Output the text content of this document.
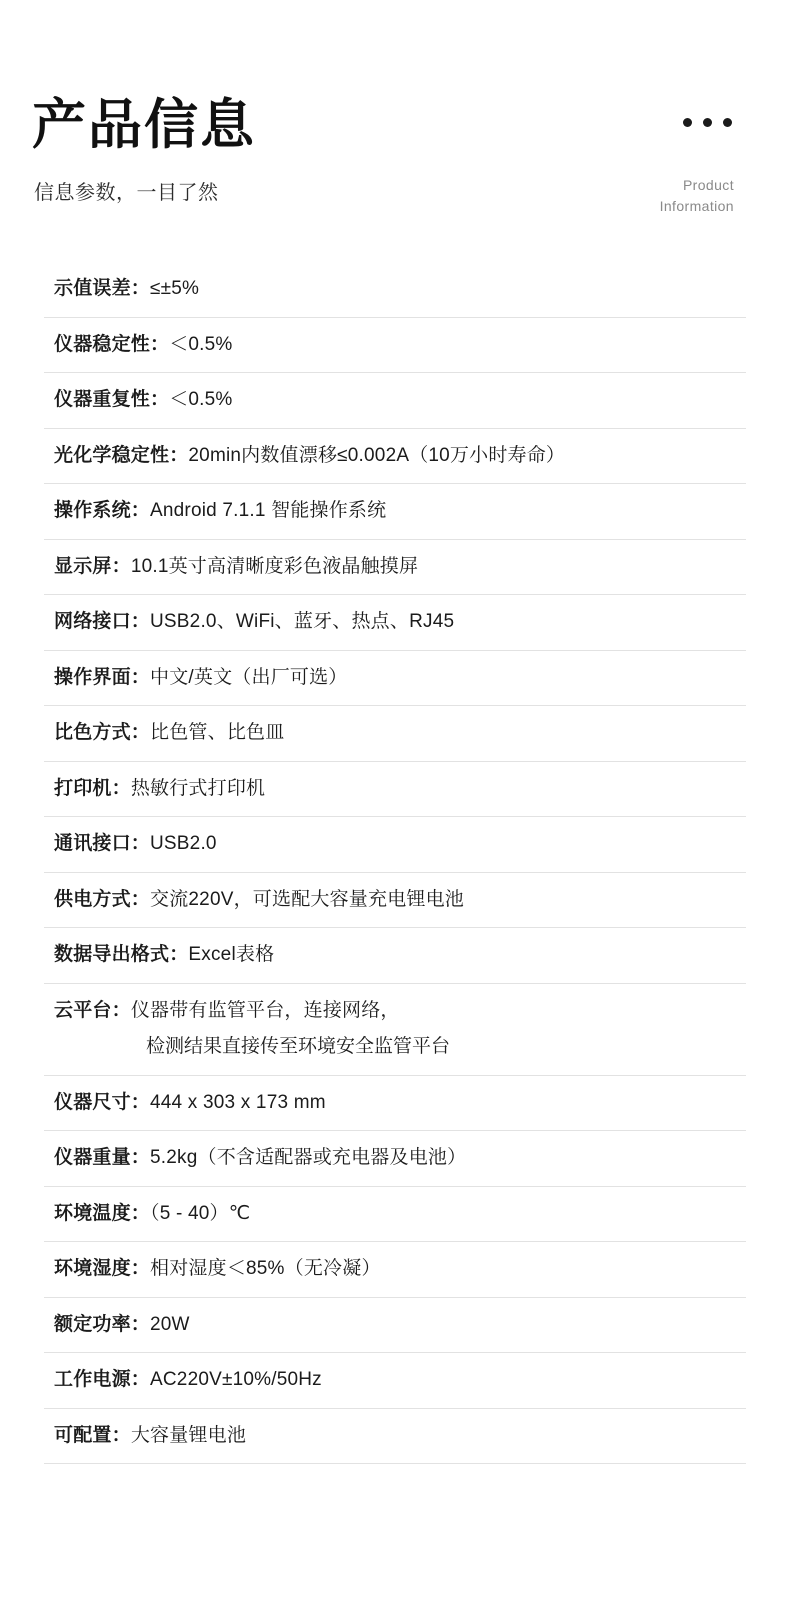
产品信息
信息参数，一目了然	Product
Information
示值误差：≤±5%
仪器稳定性：＜0.5%
仪器重复性：＜0.5%
光化学稳定性：20min内数值漂移≤0.002A（10万小时寿命）
操作系统：Android 7.1.1 智能操作系统
显示屏：10.1英寸高清晰度彩色液晶触摸屏
网络接口：USB2.0、WiFi、蓝牙、热点、RJ45
操作界面：中文/英文（出厂可选）
比色方式：比色管、比色皿
打印机：热敏行式打印机
通讯接口：USB2.0
供电方式：交流220V，可选配大容量充电锂电池
数据导出格式：Excel表格
云平台：仪器带有监管平台，连接网络，
检测结果直接传至环境安全监管平台
仪器尺寸：444 x 303 x 173 mm
仪器重量：5.2kg（不含适配器或充电器及电池）
环境温度：（5 - 40）℃
环境湿度：相对湿度＜85%（无冷凝）
额定功率：20W
工作电源：AC220V±10%/50Hz
可配置：大容量锂电池
